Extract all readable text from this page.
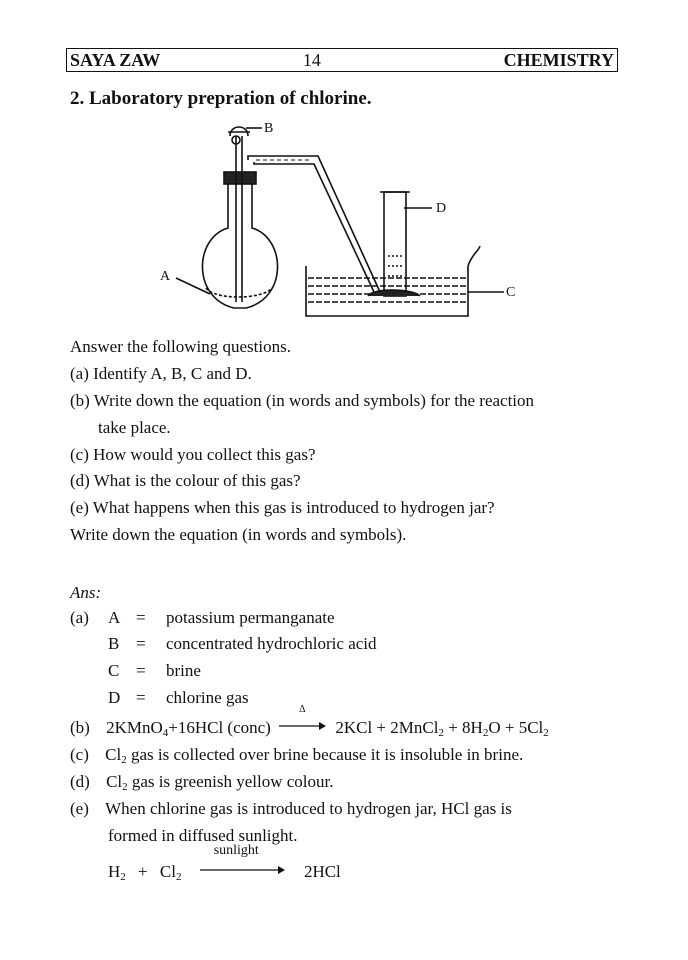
SAYA ZAW	14	CHEMISTRY
2. Laboratory prepration of chlorine.
A
B
C
D
Answer the following questions.
(a) Identify A, B, C and D.
(b) Write down the equation (in words and symbols) for the reaction
take place.
(c) How would you collect this gas?
(d) What is the colour of this gas?
(e) What happens when this gas is introduced to hydrogen jar?
Write down the equation (in words and symbols).
Ans:
(a) A = potassium permanganate
B = concentrated hydrochloric acid
C = brine
D = chlorine gas
(b) 2KMnO$_4$+16HCl (conc)
Δ
2KCl + 2MnCl$_2$ + $8H_2O + 5Cl_2$
(c) $Cl_2$ gas is collected over brine because it is insoluble in brine.
(d) $Cl_2$ gas is greenish yellow colour.
(e) When chlorine gas is introduced to hydrogen jar, HCl gas is
formed in diffused sunlight.
$H_2 + Cl_2$
sunlight
2HCl
